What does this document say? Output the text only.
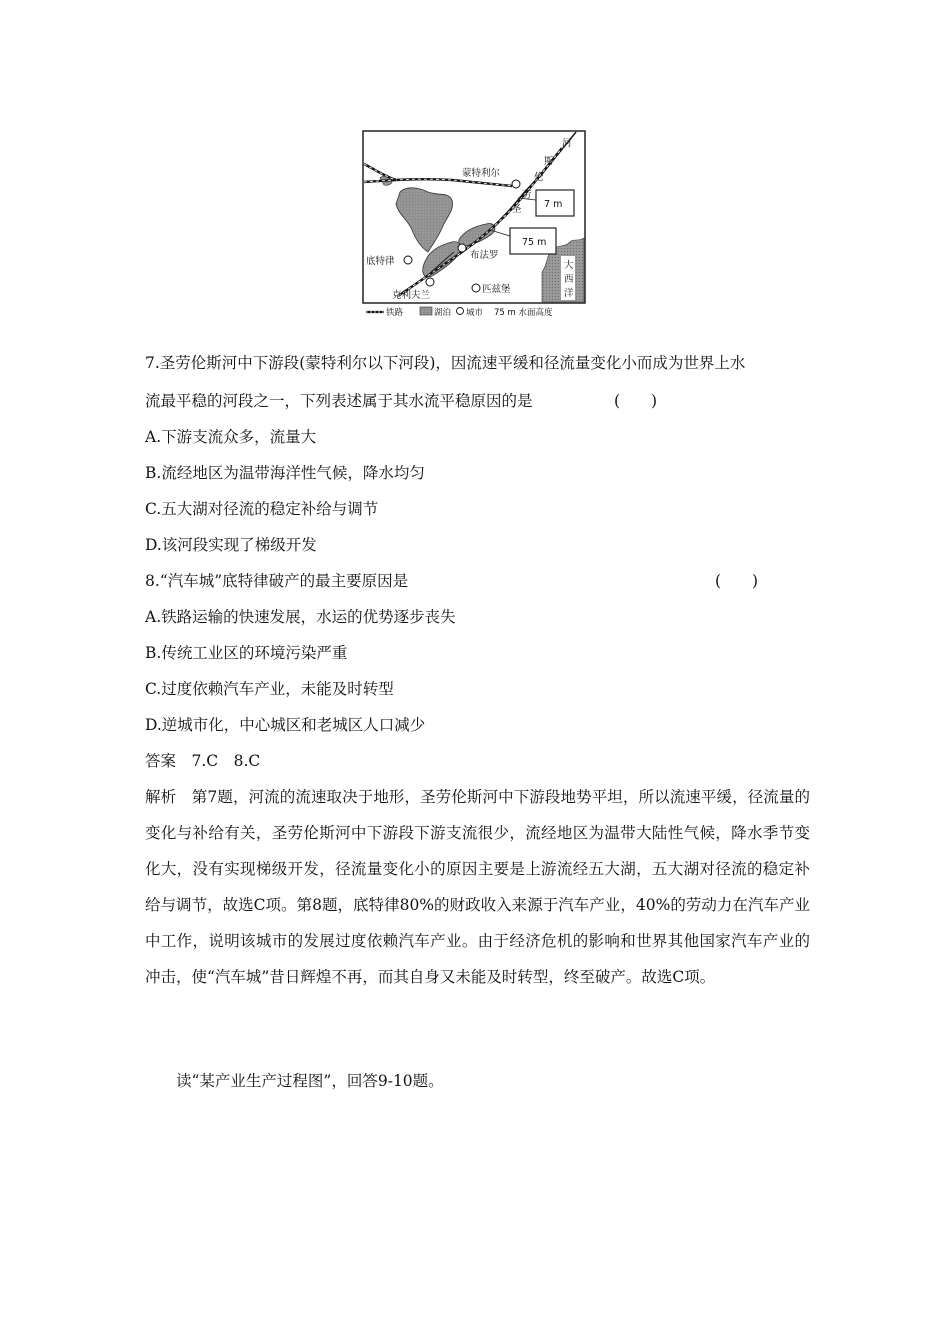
河
斯
伦
劳
圣
蒙特利尔
底特律
布法罗
克利夫兰
匹兹堡
大
西
洋
7 m
75 m
铁路	湖泊 城市 75 m 水面高度
7.圣劳伦斯河中下游段(蒙特利尔以下河段)，因流速平缓和径流量变化小而成为世界上水
流最平稳的河段之一，下列表述属于其水流平稳原因的是	(　　)
A.下游支流众多，流量大
B.流经地区为温带海洋性气候，降水均匀
C.五大湖对径流的稳定补给与调节
D.该河段实现了梯级开发
8.“汽车城”底特律破产的最主要原因是	(　　)
A.铁路运输的快速发展，水运的优势逐步丧失
B.传统工业区的环境污染严重
C.过度依赖汽车产业，未能及时转型
D.逆城市化，中心城区和老城区人口减少
答案　7.C　8.C
解析　第7题，河流的流速取决于地形，圣劳伦斯河中下游段地势平坦，所以流速平缓，径流量的变化与补给有关，圣劳伦斯河中下游段下游支流很少，流经地区为温带大陆性气候，降水季节变化大，没有实现梯级开发，径流量变化小的原因主要是上游流经五大湖，五大湖对径流的稳定补给与调节，故选C项。第8题，底特律80%的财政收入来源于汽车产业，40%的劳动力在汽车产业中工作，说明该城市的发展过度依赖汽车产业。由于经济危机的影响和世界其他国家汽车产业的冲击，使“汽车城”昔日辉煌不再，而其自身又未能及时转型，终至破产。故选C项。
读“某产业生产过程图”，回答9-10题。
